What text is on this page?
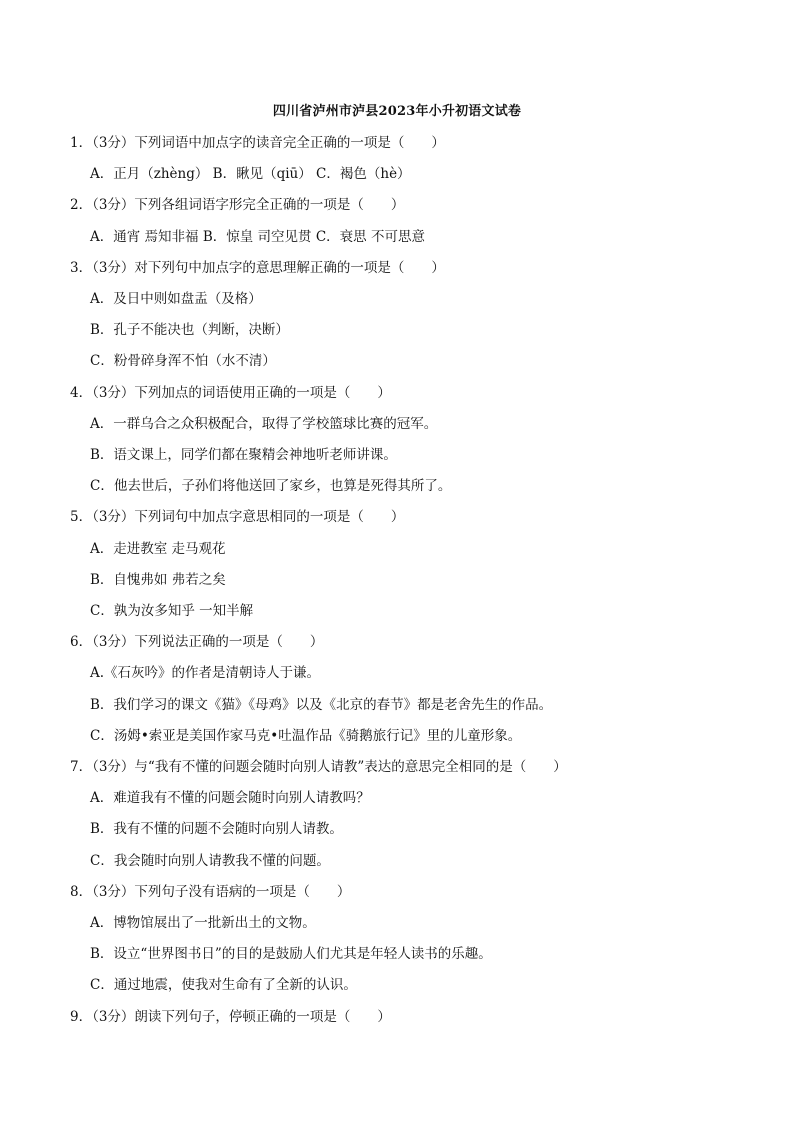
四川省泸州市泸县2023年小升初语文试卷
1．（3分）下列词语中加点字的读音完全正确的一项是（　　）
A．正月（zhèng） B．瞅见（qiū） C．褐色（hè）
2．（3分）下列各组词语字形完全正确的一项是（　　）
A．通宵 焉知非福 B．惊皇 司空见贯 C．衰思 不可思意
3．（3分）对下列句中加点字的意思理解正确的一项是（　　）
A．及日中则如盘盂（及格）
B．孔子不能决也（判断，决断）
C．粉骨碎身浑不怕（水不清）
4．（3分）下列加点的词语使用正确的一项是（　　）
A．一群乌合之众积极配合，取得了学校篮球比赛的冠军。
B．语文课上，同学们都在聚精会神地听老师讲课。
C．他去世后，子孙们将他送回了家乡，也算是死得其所了。
5．（3分）下列词句中加点字意思相同的一项是（　　）
A．走进教室 走马观花
B．自愧弗如 弗若之矣
C．孰为汝多知乎 一知半解
6．（3分）下列说法正确的一项是（　　）
A.《石灰吟》的作者是清朝诗人于谦。
B．我们学习的课文《猫》《母鸡》以及《北京的春节》都是老舍先生的作品。
C．汤姆•索亚是美国作家马克•吐温作品《骑鹅旅行记》里的儿童形象。
7．（3分）与“我有不懂的问题会随时向别人请教”表达的意思完全相同的是（　　）
A．难道我有不懂的问题会随时向别人请教吗？
B．我有不懂的问题不会随时向别人请教。
C．我会随时向别人请教我不懂的问题。
8．（3分）下列句子没有语病的一项是（　　）
A．博物馆展出了一批新出土的文物。
B．设立“世界图书日”的目的是鼓励人们尤其是年轻人读书的乐趣。
C．通过地震，使我对生命有了全新的认识。
9．（3分）朗读下列句子，停顿正确的一项是（　　）
